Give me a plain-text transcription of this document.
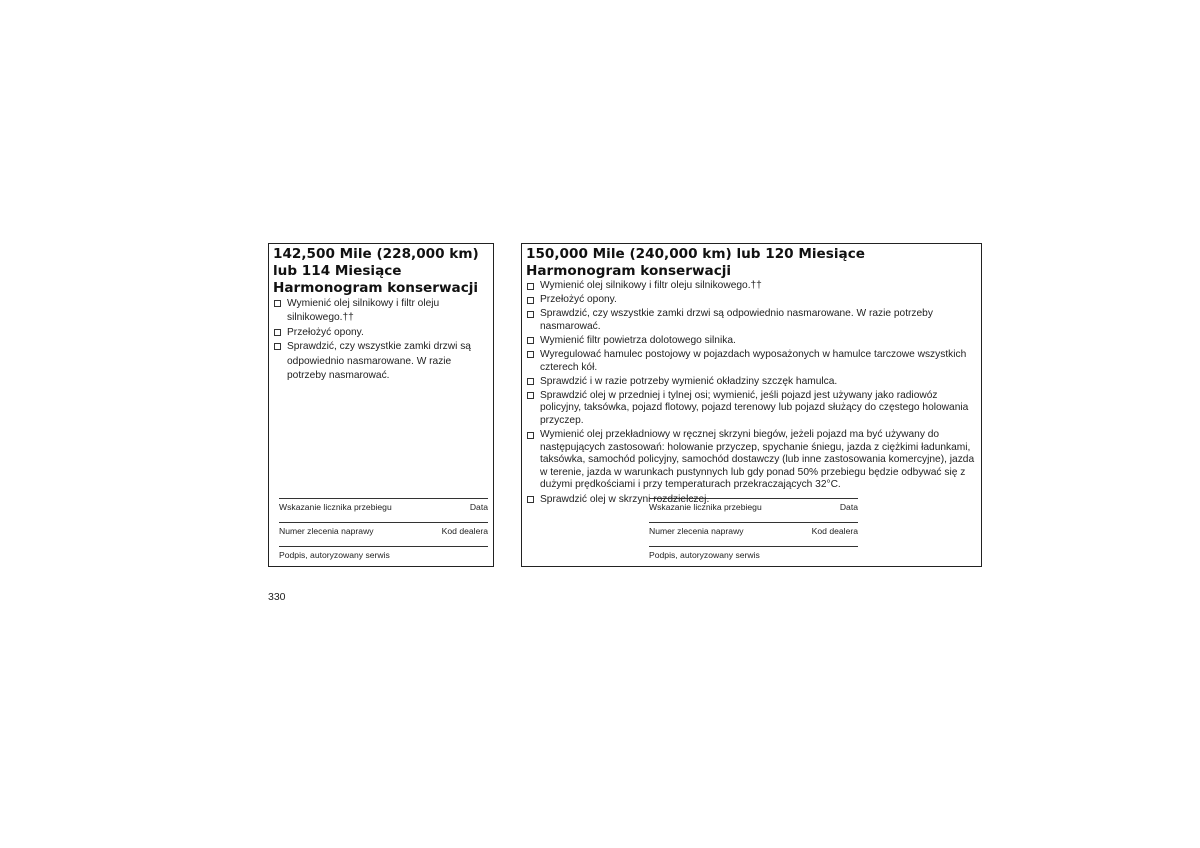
142,500 Mile (228,000 km) lub 114 Miesiące Harmonogram konserwacji
Wymienić olej silnikowy i filtr oleju silnikowego.††
Przełożyć opony.
Sprawdzić, czy wszystkie zamki drzwi są odpowiednio nasmarowane. W razie potrzeby nasmarować.
Wskazanie licznika przebiegu	Data
Numer zlecenia naprawy	Kod dealera
Podpis, autoryzowany serwis
150,000 Mile (240,000 km) lub 120 Miesiące Harmonogram konserwacji
Wymienić olej silnikowy i filtr oleju silnikowego.††
Przełożyć opony.
Sprawdzić, czy wszystkie zamki drzwi są odpowiednio nasmarowane. W razie potrzeby nasmarować.
Wymienić filtr powietrza dolotowego silnika.
Wyregulować hamulec postojowy w pojazdach wyposażonych w hamulce tarczowe wszystkich czterech kół.
Sprawdzić i w razie potrzeby wymienić okładziny szczęk hamulca.
Sprawdzić olej w przedniej i tylnej osi; wymienić, jeśli pojazd jest używany jako radiowóz policyjny, taksówka, pojazd flotowy, pojazd terenowy lub pojazd służący do częstego holowania przyczep.
Wymienić olej przekładniowy w ręcznej skrzyni biegów, jeżeli pojazd ma być używany do następujących zastosowań: holowanie przyczep, spychanie śniegu, jazda z ciężkimi ładunkami, taksówka, samochód policyjny, samochód dostawczy (lub inne zastosowania komercyjne), jazda w terenie, jazda w warunkach pustynnych lub gdy ponad 50% przebiegu będzie odbywać się z dużymi prędkościami i przy temperaturach przekraczających 32°C.
Sprawdzić olej w skrzyni rozdzielczej.
Wskazanie licznika przebiegu	Data
Numer zlecenia naprawy	Kod dealera
Podpis, autoryzowany serwis
330
